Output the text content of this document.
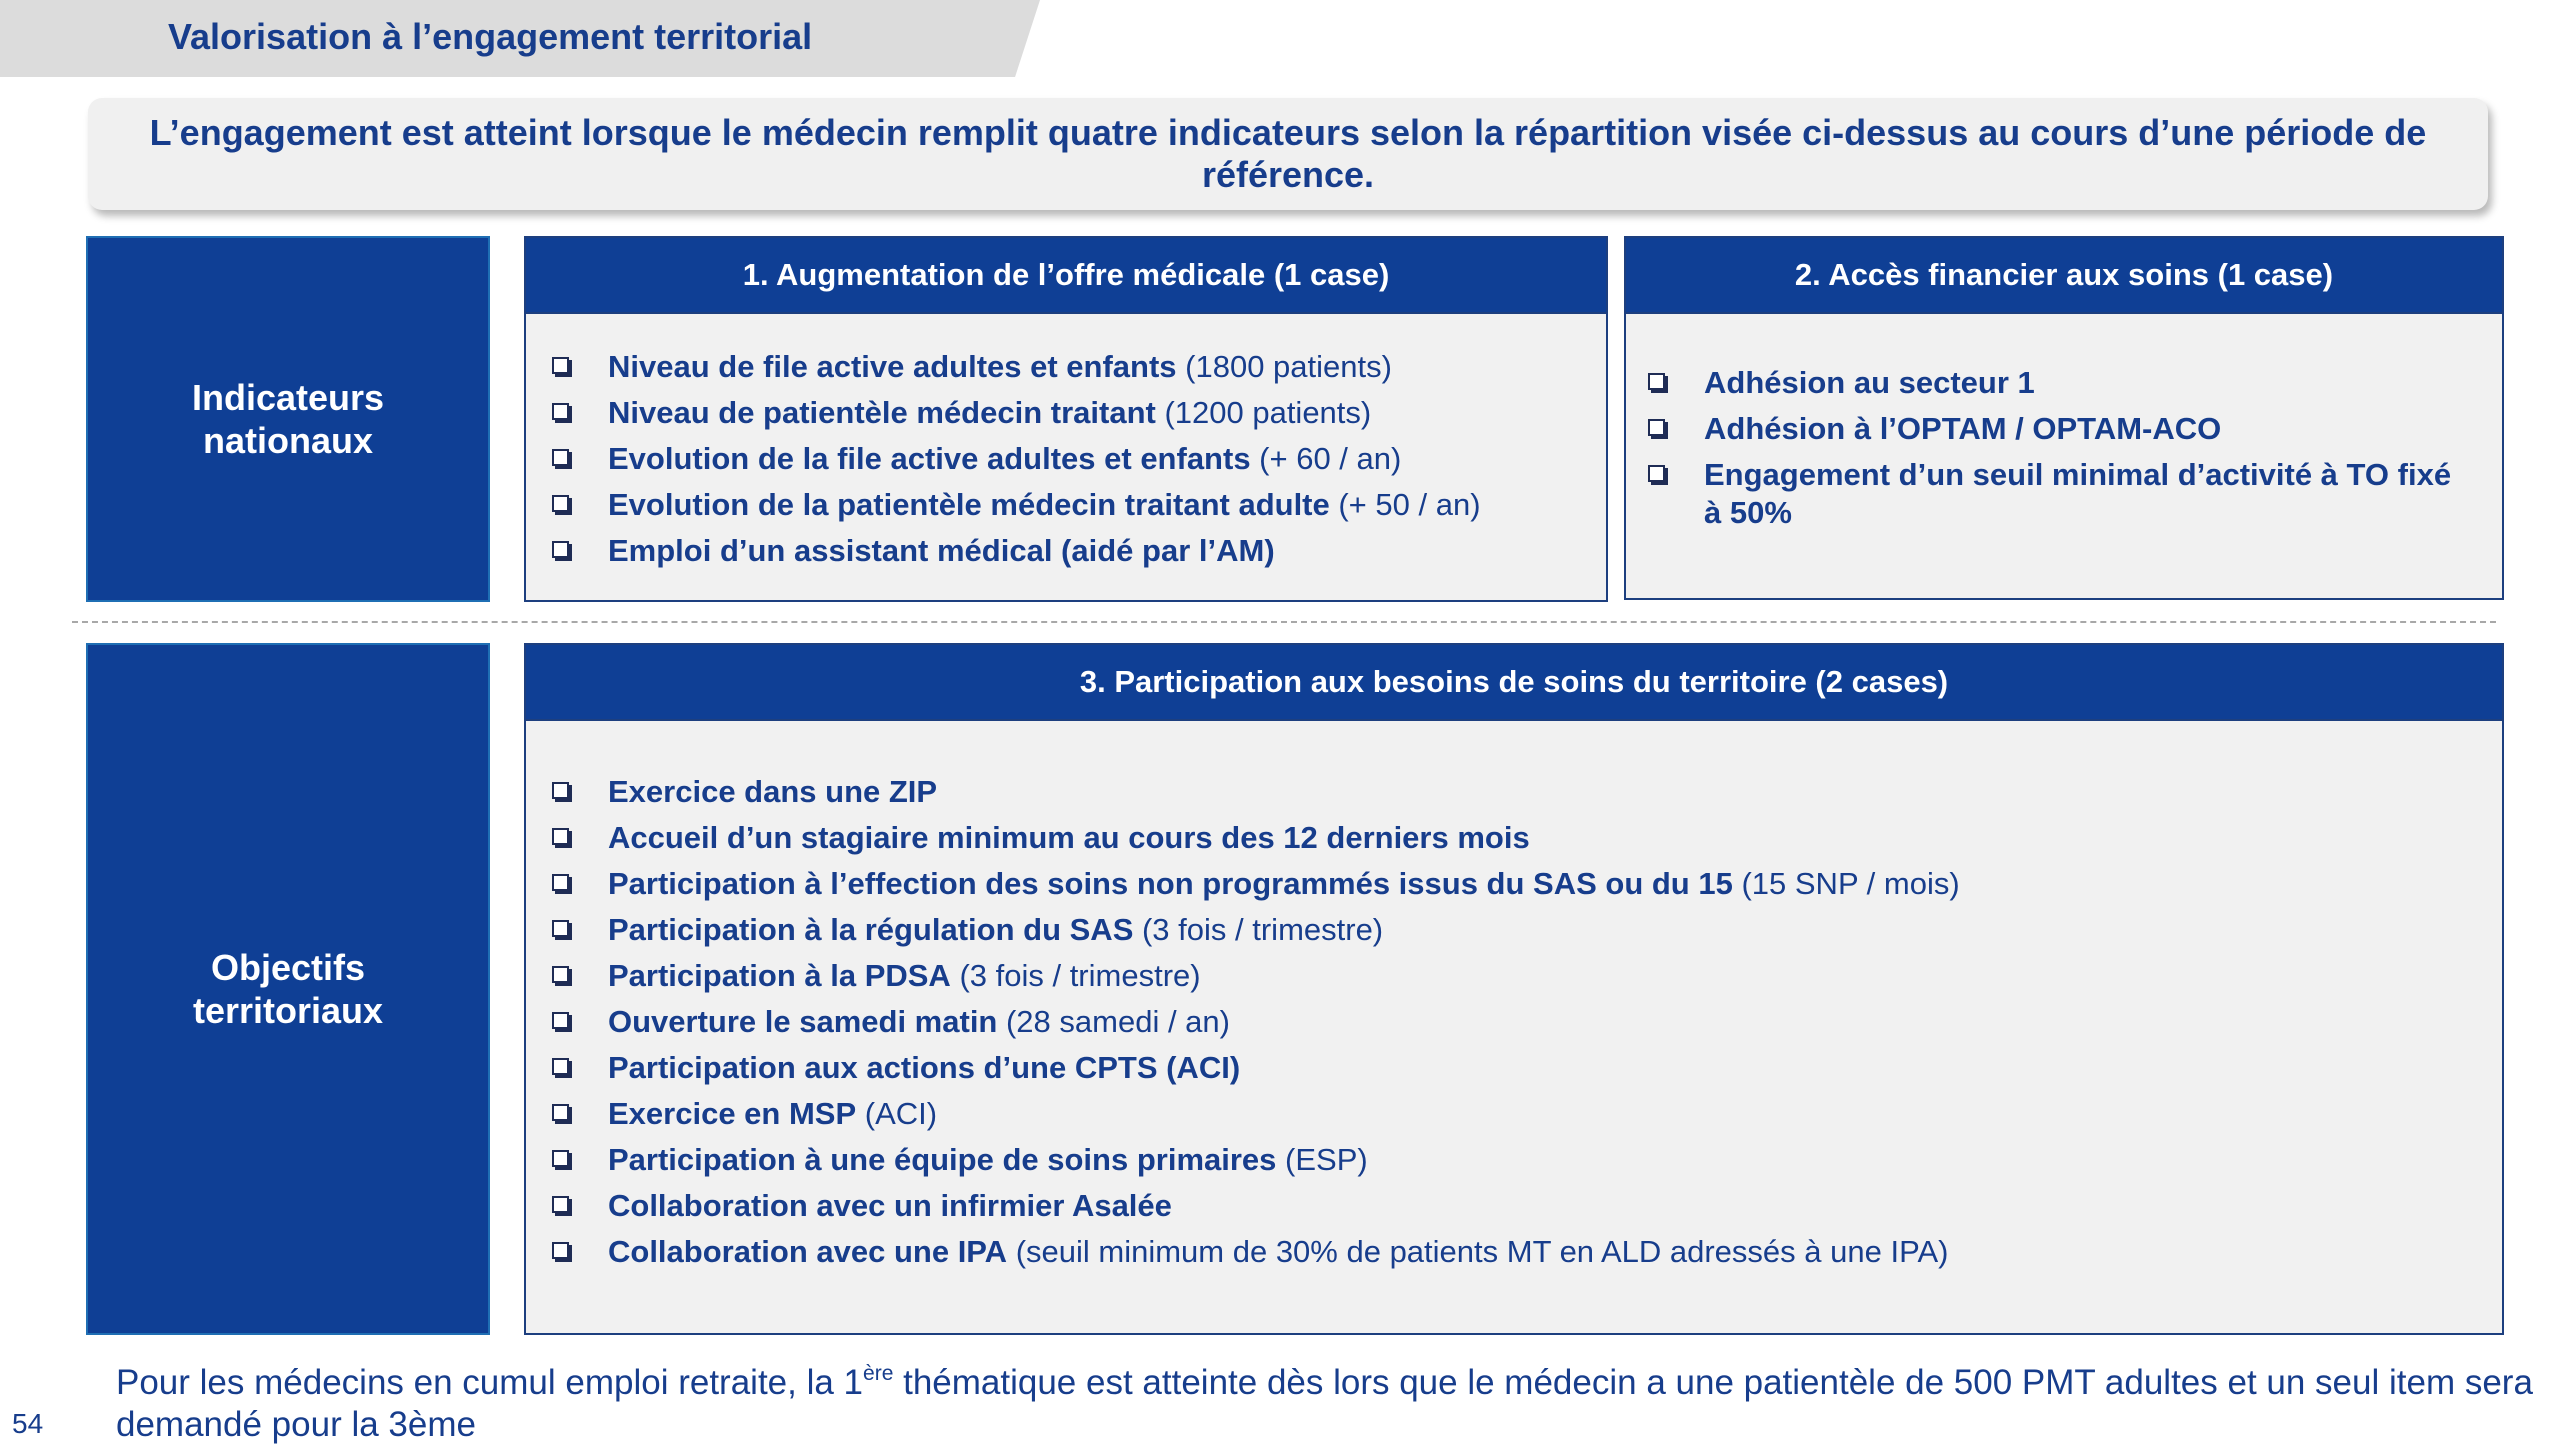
Valorisation à l’engagement territorial
L’engagement est atteint lorsque le médecin remplit quatre indicateurs selon la répartition visée ci-dessus au cours d’une période de référence.
Indicateurs
nationaux
Objectifs
territoriaux
1. Augmentation de l’offre médicale (1 case)
Niveau de file active adultes et enfants (1800 patients)
Niveau de patientèle médecin traitant (1200 patients)
Evolution de la file active adultes et enfants (+ 60 / an)
Evolution de la patientèle médecin traitant adulte (+ 50 / an)
Emploi d’un assistant médical (aidé par l’AM)
2. Accès financier aux soins (1 case)
Adhésion au secteur 1
Adhésion à l’OPTAM / OPTAM-ACO
Engagement d’un seuil minimal d’activité à TO fixé à 50%
3. Participation aux besoins de soins du territoire (2 cases)
Exercice dans une ZIP
Accueil d’un stagiaire minimum au cours des 12 derniers mois
Participation à l’effection des soins non programmés issus du SAS ou du 15 (15 SNP / mois)
Participation à la régulation du SAS (3 fois / trimestre)
Participation à la PDSA (3 fois / trimestre)
Ouverture le samedi matin (28 samedi / an)
Participation aux actions d’une CPTS (ACI)
Exercice en MSP (ACI)
Participation à une équipe de soins primaires (ESP)
Collaboration avec un infirmier Asalée
Collaboration avec une IPA (seuil minimum de 30% de patients MT en ALD adressés à une IPA)
Pour les médecins en cumul emploi retraite, la 1ère thématique est atteinte dès lors que le médecin a une patientèle de 500 PMT adultes et un seul item sera demandé pour la 3ème
54
